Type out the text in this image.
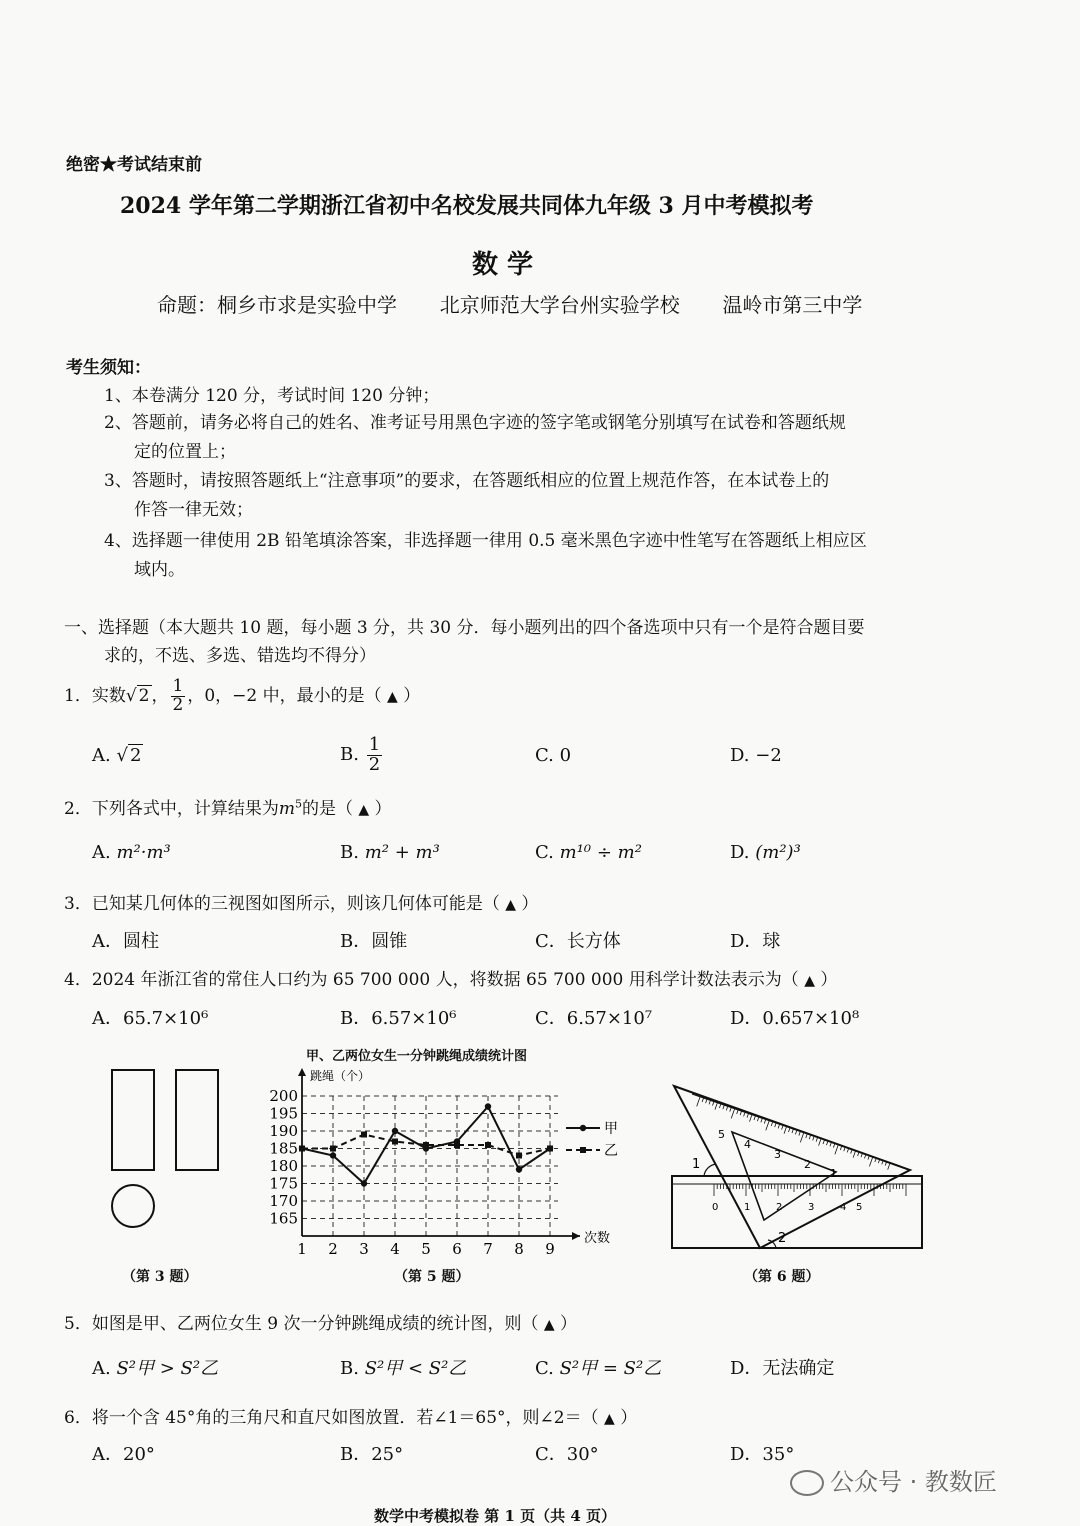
绝密★考试结束前
2024 学年第二学期浙江省初中名校发展共同体九年级 3 月中考模拟考
数 学
命题：桐乡市求是实验中学 北京师范大学台州实验学校 温岭市第三中学
考生须知：
1、本卷满分 120 分，考试时间 120 分钟；
2、答题前，请务必将自己的姓名、准考证号用黑色字迹的签字笔或钢笔分别填写在试卷和答题纸规
定的位置上；
3、答题时，请按照答题纸上“注意事项”的要求，在答题纸相应的位置上规范作答，在本试卷上的
作答一律无效；
4、选择题一律使用 2B 铅笔填涂答案，非选择题一律用 0.5 毫米黑色字迹中性笔写在答题纸上相应区
域内。
一、选择题（本大题共 10 题，每小题 3 分，共 30 分．每小题列出的四个备选项中只有一个是符合题目要
求的，不选、多选、错选均不得分）
1．实数√ 2 ， $\frac{1}{2}$ ，0，−2 中，最小的是（ ▲ ）
A. √ 2	B. $\frac{1}{2}$	C. 0	D. −2
2．下列各式中，计算结果为$m^5$的是（ ▲ ）
A. m²·m³	B. m² + m³	C. m¹⁰ ÷ m²	D. (m²)³
3．已知某几何体的三视图如图所示，则该几何体可能是（ ▲ ）
A．圆柱	B．圆锥	C．长方体	D．球
4．2024 年浙江省的常住人口约为 65 700 000 人，将数据 65 700 000 用科学计数法表示为（ ▲ ）
A．65.7×10⁶	B．6.57×10⁶	C．6.57×10⁷	D．0.657×10⁸
（第 3 题）
甲、乙两位女生一分钟跳绳成绩统计图
165
170
175
180
185
190
195
200
1 2 3 4 5 6 7 8 9
跳绳（个）
次数
甲
乙
（第 5 题）
0	1	2	3	4 5
5
4
3
2
1
1
2
（第 6 题）
5．如图是甲、乙两位女生 9 次一分钟跳绳成绩的统计图，则（ ▲ ）
A. S²甲 > S²乙	B. S²甲 < S²乙	C. S²甲 = S²乙	D．无法确定
6．将一个含 45°角的三角尺和直尺如图放置．若∠1＝65°，则∠2＝（ ▲ ）
A．20°	B．25°	C．30°	D．35°
公众号 · 教数匠
数学中考模拟卷 第 1 页（共 4 页）
